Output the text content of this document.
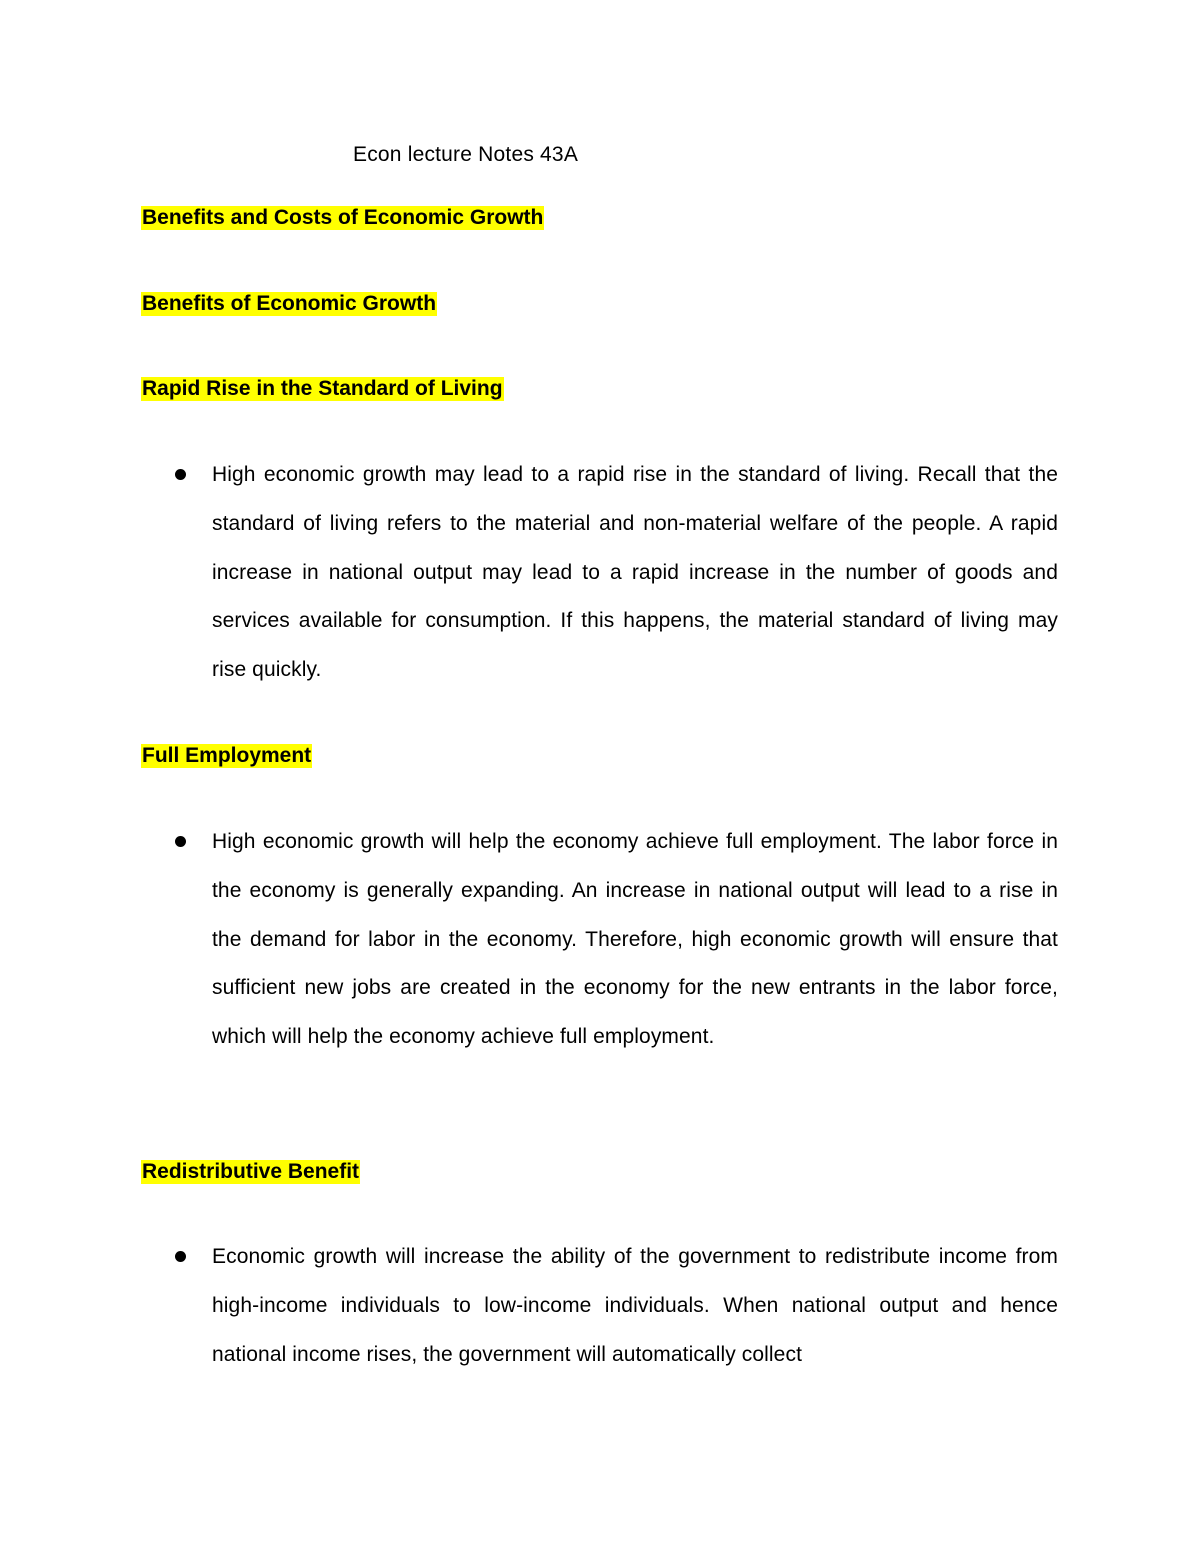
Econ lecture Notes 43A
Benefits and Costs of Economic Growth
Benefits of Economic Growth
Rapid Rise in the Standard of Living
High economic growth may lead to a rapid rise in the standard of living. Recall that the standard of living refers to the material and non-material welfare of the people. A rapid increase in national output may lead to a rapid increase in the number of goods and services available for consumption. If this happens, the material standard of living may rise quickly.
Full Employment
High economic growth will help the economy achieve full employment. The labor force in the economy is generally expanding. An increase in national output will lead to a rise in the demand for labor in the economy. Therefore, high economic growth will ensure that sufficient new jobs are created in the economy for the new entrants in the labor force, which will help the economy achieve full employment.
Redistributive Benefit
Economic growth will increase the ability of the government to redistribute income from high-income individuals to low-income individuals. When national output and hence national income rises, the government will automatically collect
